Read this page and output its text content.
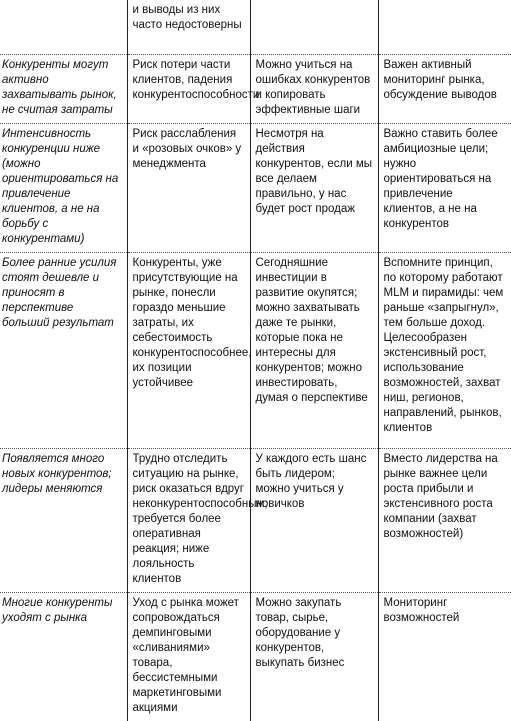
	и выводы из них часто недостоверны		
Конкуренты могут активно захватывать рынок, не считая затраты	Риск потери части клиентов, падения конкурентоспособности	Можно учиться на ошибках конкурентов и копировать эффективные шаги	Важен активный мониторинг рынка, обсуждение выводов
Интенсивность конкуренции ниже (можно ориентироваться на привлечение клиентов, а не на борьбу с конкурентами)	Риск расслабления и «розовых очков» у менеджмента	Несмотря на действия конкурентов, если мы все делаем правильно, у нас будет рост продаж	Важно ставить более амбициозные цели; нужно ориентироваться на привлечение клиентов, а не на конкурентов
Более ранние усилия стоят дешевле и приносят в перспективе больший результат	Конкуренты, уже присутствующие на рынке, понесли гораздо меньшие затраты, их себестоимость конкурентоспособнее, их позиции устойчивее	Сегодняшние инвестиции в развитие окупятся; можно захватывать даже те рынки, которые пока не интересны для конкурентов; можно инвестировать, думая о перспективе	Вспомните принцип, по которому работают MLM и пирамиды: чем раньше «запрыгнул», тем больше доход. Целесообразен экстенсивный рост, использование возможностей, захват ниш, регионов, направлений, рынков, клиентов
Появляется много новых конкурентов; лидеры меняются	Трудно отследить ситуацию на рынке, риск оказаться вдруг неконкурентоспособным; требуется более оперативная реакция; ниже лояльность клиентов	У каждого есть шанс быть лидером; можно учиться у новичков	Вместо лидерства на рынке важнее цели роста прибыли и экстенсивного роста компании (захват возможностей)
Многие конкуренты уходят с рынка	Уход с рынка может сопровождаться демпинговыми «сливаниями» товара, бессистемными маркетинговыми акциями	Можно закупать товар, сырье, оборудование у конкурентов, выкупать бизнес	Мониторинг возможностей
